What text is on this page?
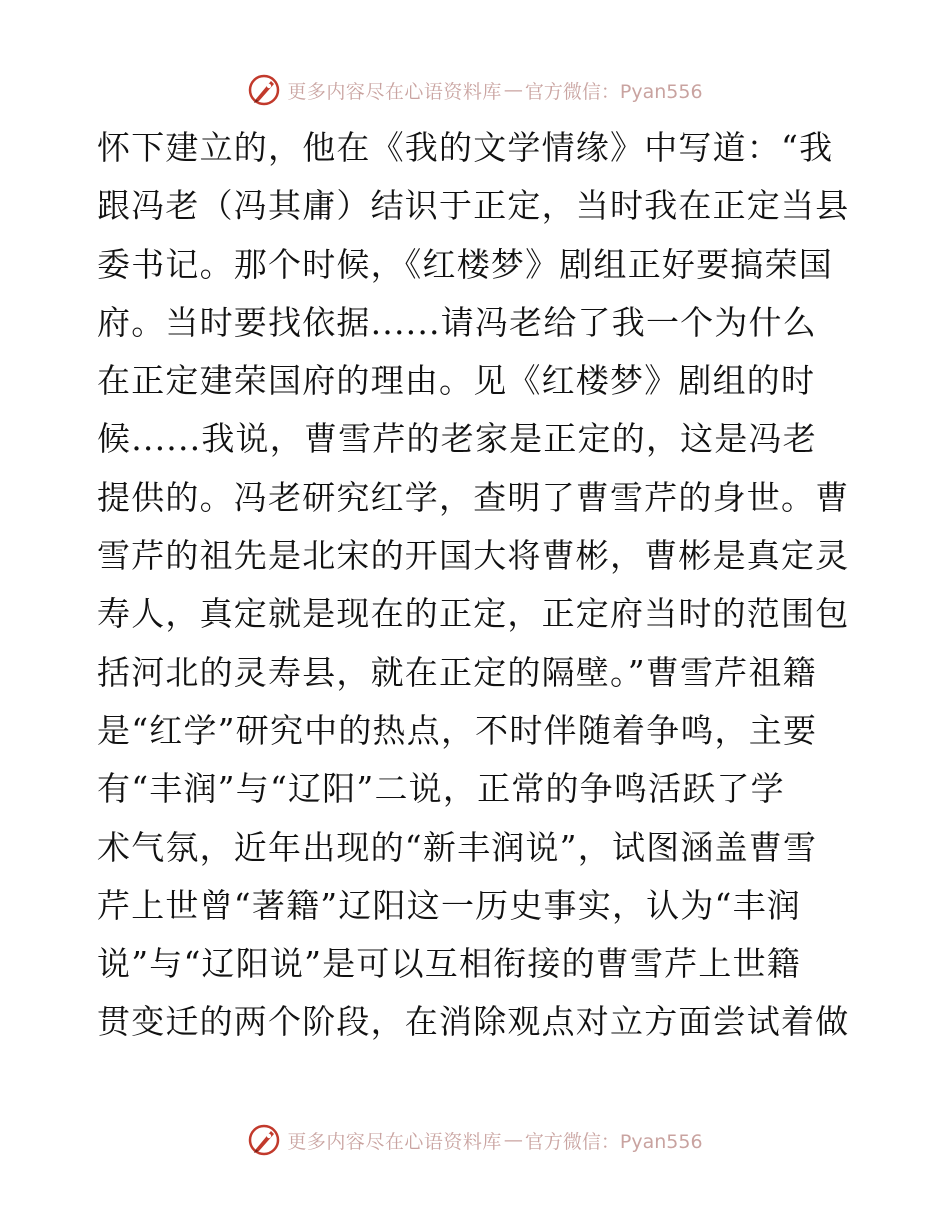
更多内容尽在心语资料库 — 官方微信：Pyan556
怀下建立的，他在《我的文学情缘》中写道：“我
跟冯老（冯其庸）结识于正定，当时我在正定当县
委书记。那个时候，《红楼梦》剧组正好要搞荣国
府。当时要找依据......请冯老给了我一个为什么
在正定建荣国府的理由。见《红楼梦》剧组的时
候......我说，曹雪芹的老家是正定的，这是冯老
提供的。冯老研究红学，查明了曹雪芹的身世。曹
雪芹的祖先是北宋的开国大将曹彬，曹彬是真定灵
寿人，真定就是现在的正定，正定府当时的范围包
括河北的灵寿县，就在正定的隔壁。”曹雪芹祖籍
是“红学”研究中的热点，不时伴随着争鸣，主要
有“丰润”与“辽阳”二说，正常的争鸣活跃了学
术气氛，近年出现的“新丰润说”，试图涵盖曹雪
芹上世曾“著籍”辽阳这一历史事实，认为“丰润
说”与“辽阳说”是可以互相衔接的曹雪芹上世籍
贯变迁的两个阶段，在消除观点对立方面尝试着做
更多内容尽在心语资料库 — 官方微信：Pyan556
